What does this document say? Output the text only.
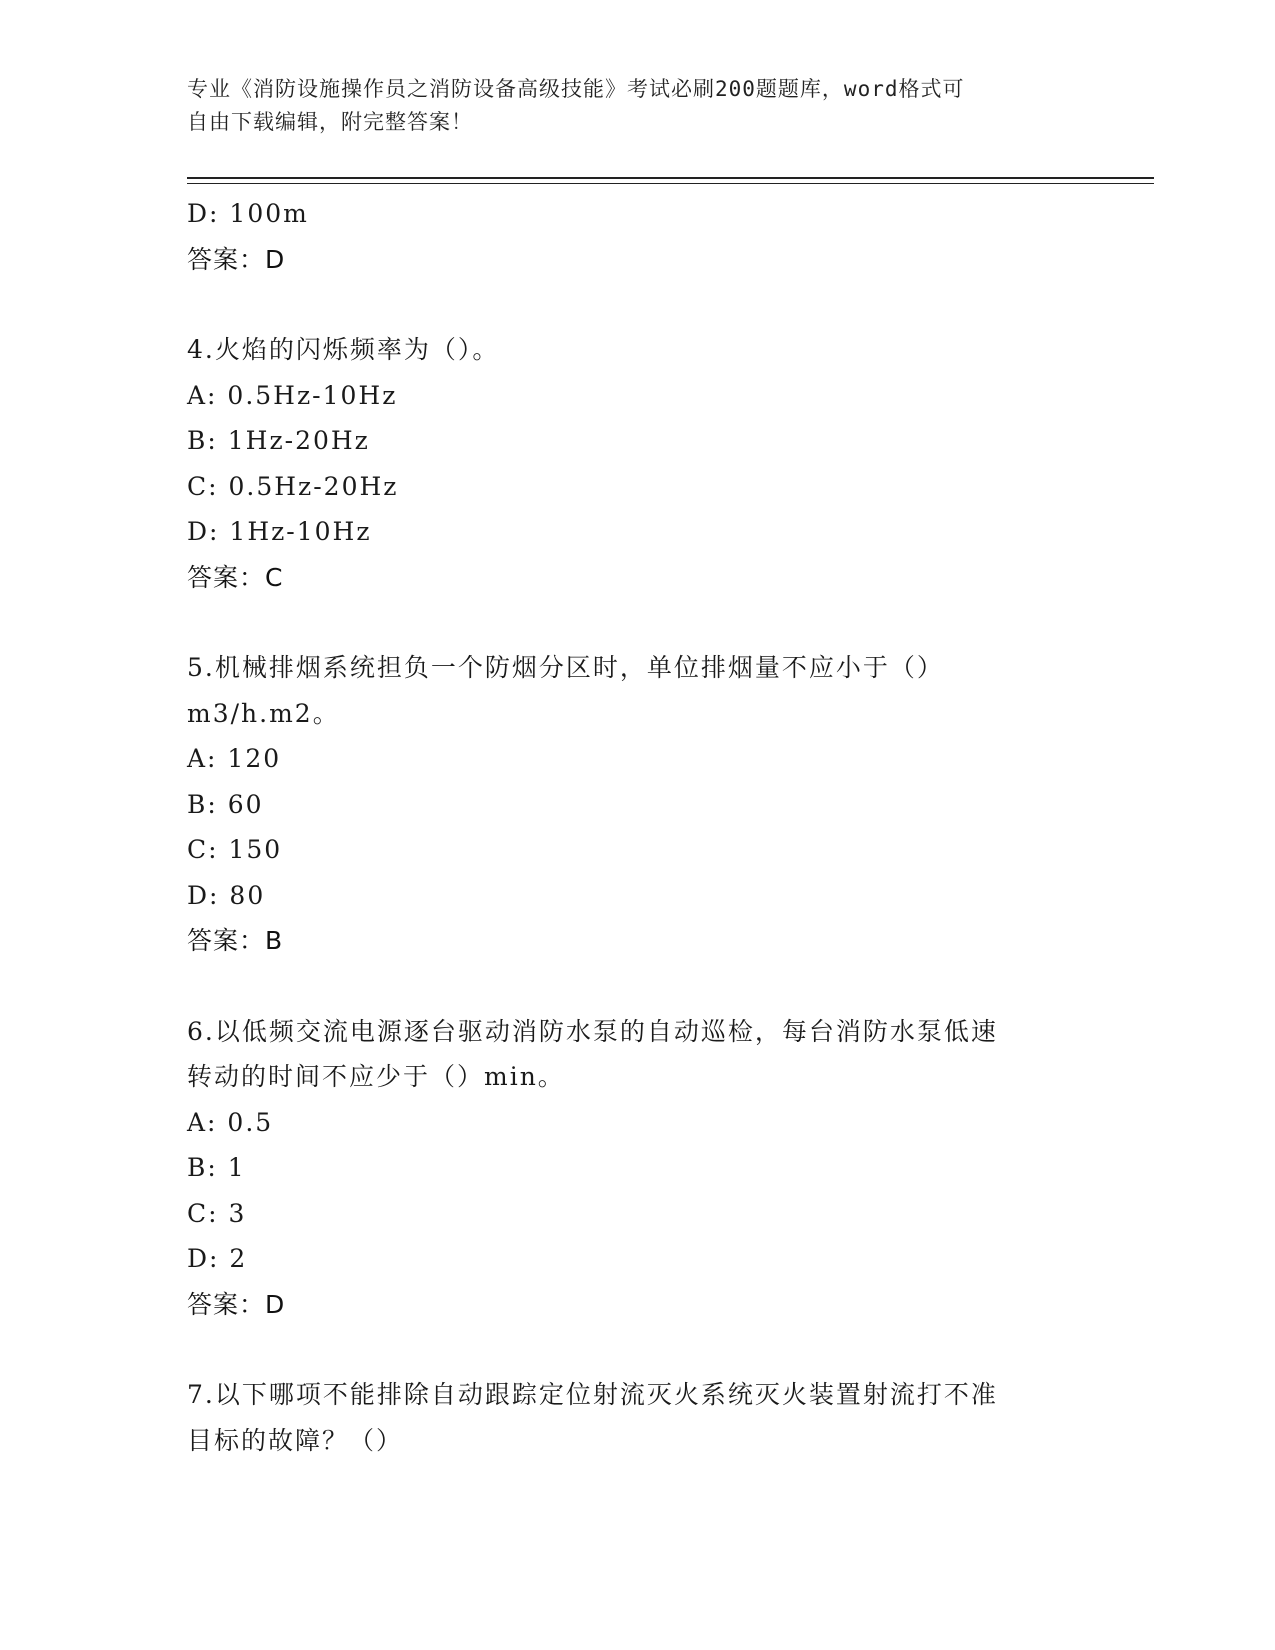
专业《消防设施操作员之消防设备高级技能》考试必刷200题题库，word格式可
自由下载编辑，附完整答案！
D: 100m
答案：D
4.火焰的闪烁频率为（）。
A: 0.5Hz-10Hz
B: 1Hz-20Hz
C: 0.5Hz-20Hz
D: 1Hz-10Hz
答案：C
5.机械排烟系统担负一个防烟分区时，单位排烟量不应小于（）
m3/h.m2。
A: 120
B: 60
C: 150
D: 80
答案：B
6.以低频交流电源逐台驱动消防水泵的自动巡检，每台消防水泵低速
转动的时间不应少于（）min。
A: 0.5
B: 1
C: 3
D: 2
答案：D
7.以下哪项不能排除自动跟踪定位射流灭火系统灭火装置射流打不准
目标的故障？（）
